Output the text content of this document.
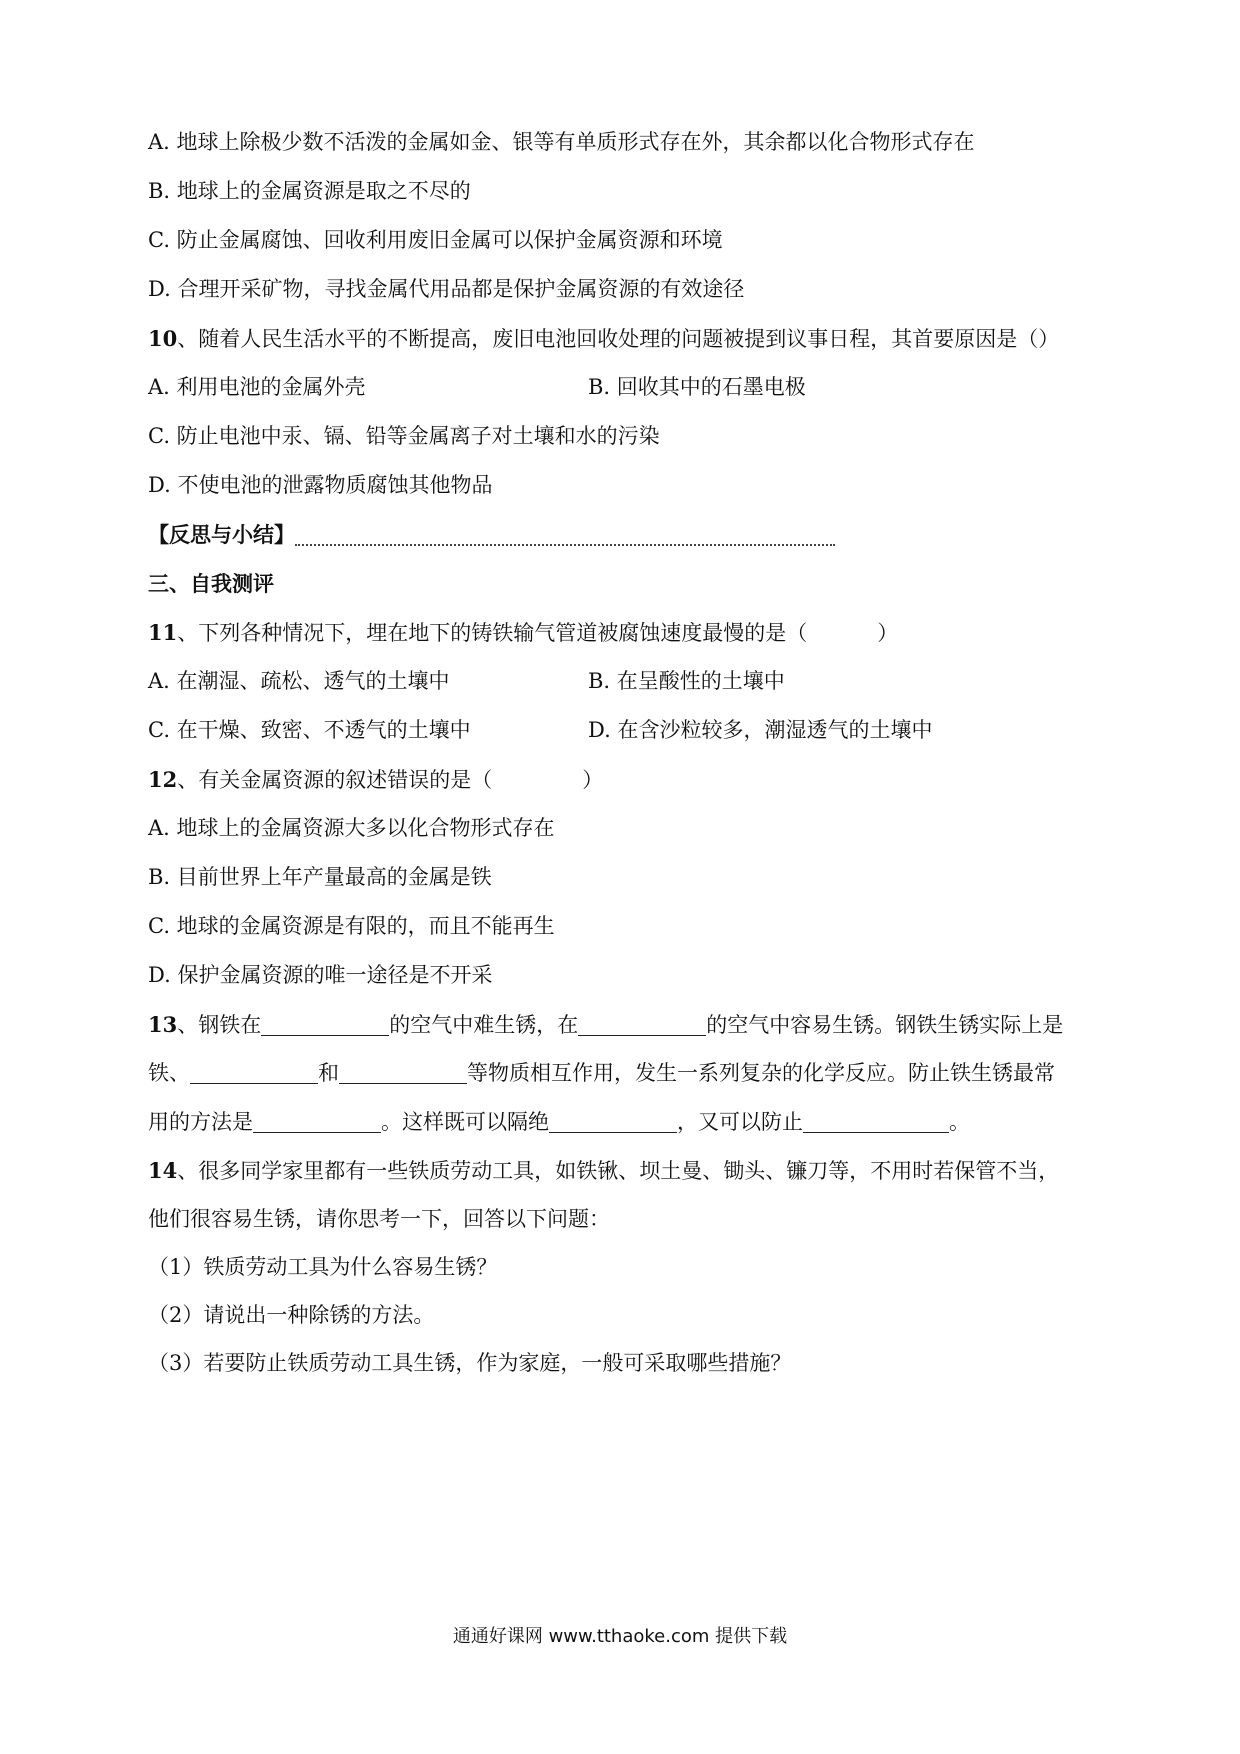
A. 地球上除极少数不活泼的金属如金、银等有单质形式存在外，其余都以化合物形式存在
B. 地球上的金属资源是取之不尽的
C. 防止金属腐蚀、回收利用废旧金属可以保护金属资源和环境
D. 合理开采矿物，寻找金属代用品都是保护金属资源的有效途径
10、随着人民生活水平的不断提高，废旧电池回收处理的问题被提到议事日程，其首要原因是（）
A. 利用电池的金属外壳	B. 回收其中的石墨电极
C. 防止电池中汞、镉、铅等金属离子对土壤和水的污染
D. 不使电池的泄露物质腐蚀其他物品
【反思与小结】
三、自我测评
11、下列各种情况下，埋在地下的铸铁输气管道被腐蚀速度最慢的是（	）
A. 在潮湿、疏松、透气的土壤中	B. 在呈酸性的土壤中
C. 在干燥、致密、不透气的土壤中	D. 在含沙粒较多，潮湿透气的土壤中
12、有关金属资源的叙述错误的是（	）
A. 地球上的金属资源大多以化合物形式存在
B. 目前世界上年产量最高的金属是铁
C. 地球的金属资源是有限的，而且不能再生
D. 保护金属资源的唯一途径是不开采
13、钢铁在	的空气中难生锈，在	的空气中容易生锈。钢铁生锈实际上是
铁、	和	等物质相互作用，发生一系列复杂的化学反应。防止铁生锈最常
用的方法是	。这样既可以隔绝	，又可以防止	。
14、很多同学家里都有一些铁质劳动工具，如铁锹、坝土曼、锄头、镰刀等，不用时若保管不当，
他们很容易生锈，请你思考一下，回答以下问题：
（1）铁质劳动工具为什么容易生锈？
（2）请说出一种除锈的方法。
（3）若要防止铁质劳动工具生锈，作为家庭，一般可采取哪些措施？
通通好课网 www.tthaoke.com 提供下载
